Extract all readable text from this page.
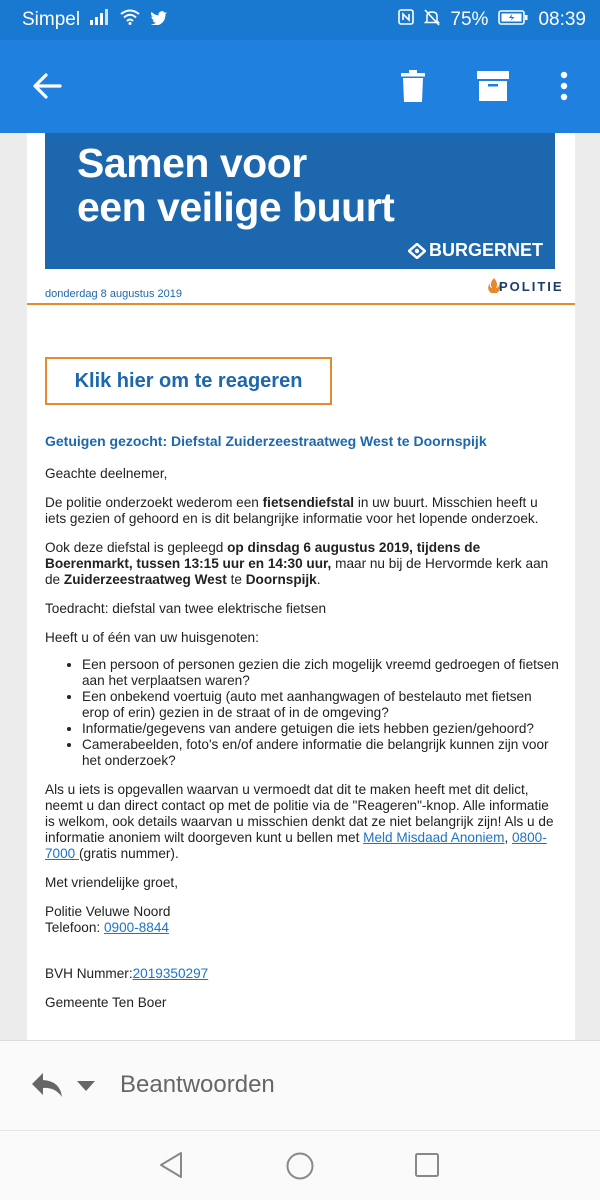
Simpel	75%	08:39
Samen voor
een veilige buurt
BURGERNET
donderdag 8 augustus 2019
POLITIE
Klik hier om te reageren
Getuigen gezocht: Diefstal Zuiderzeestraatweg West te Doornspijk

Geachte deelnemer,

De politie onderzoekt wederom een fietsendiefstal in uw buurt. Misschien heeft u iets gezien of gehoord en is dit belangrijke informatie voor het lopende onderzoek.

Ook deze diefstal is gepleegd op dinsdag 6 augustus 2019, tijdens de Boerenmarkt, tussen 13:15 uur en 14:30 uur, maar nu bij de Hervormde kerk aan de Zuiderzeestraatweg West te Doornspijk.

Toedracht: diefstal van twee elektrische fietsen

Heeft u of één van uw huisgenoten:

• Een persoon of personen gezien die zich mogelijk vreemd gedroegen of fietsen aan het verplaatsen waren?
• Een onbekend voertuig (auto met aanhangwagen of bestelauto met fietsen erop of erin) gezien in de straat of in de omgeving?
• Informatie/gegevens van andere getuigen die iets hebben gezien/gehoord?
• Camerabeelden, foto's en/of andere informatie die belangrijk kunnen zijn voor het onderzoek?

Als u iets is opgevallen waarvan u vermoedt dat dit te maken heeft met dit delict, neemt u dan direct contact op met de politie via de "Reageren"-knop. Alle informatie is welkom, ook details waarvan u misschien denkt dat ze niet belangrijk zijn! Als u de informatie anoniem wilt doorgeven kunt u bellen met Meld Misdaad Anoniem, 0800-7000 (gratis nummer).

Met vriendelijke groet,

Politie Veluwe Noord
Telefoon: 0900-8844

BVH Nummer:2019350297

Gemeente Ten Boer

Beantwoorden
